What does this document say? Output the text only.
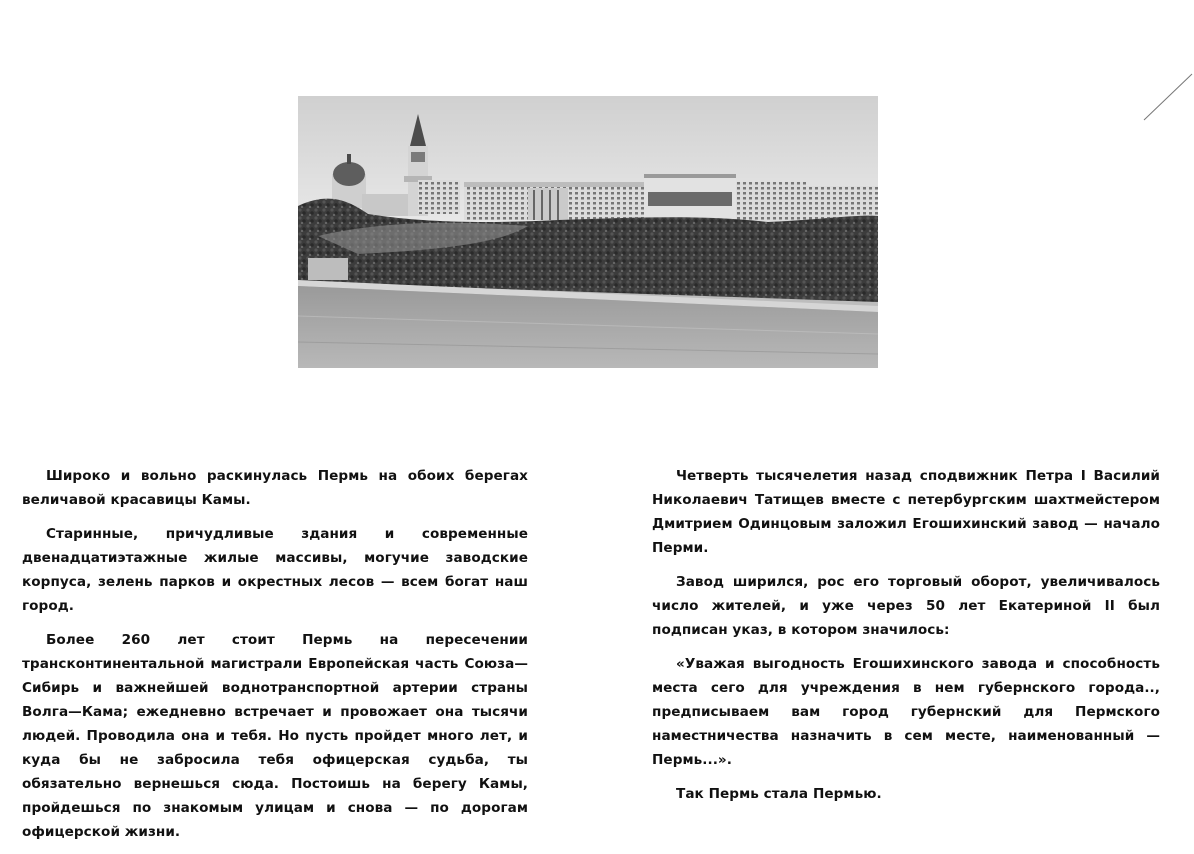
Широко и вольно раскинулась Пермь на обоих берегах величавой красавицы Камы.

Старинные, причудливые здания и современные двенадцатиэтажные жилые массивы, могучие заводские корпуса, зелень парков и окрестных лесов — всем богат наш город.

Более 260 лет стоит Пермь на пересечении трансконтинентальной магистрали Европейская часть Союза—Сибирь и важнейшей воднотранспортной артерии страны Волга—Кама; ежедневно встречает и провожает она тысячи людей. Проводила она и тебя. Но пусть пройдет много лет, и куда бы не забросила тебя офицерская судьба, ты обязательно вернешься сюда. Постоишь на берегу Камы, пройдешься по знакомым улицам и снова — по дорогам офицерской жизни.

Четверть тысячелетия назад сподвижник Петра I Василий Николаевич Татищев вместе с петербургским шахтмейстером Дмитрием Одинцовым заложил Егошихинский завод — начало Перми.

Завод ширился, рос его торговый оборот, увеличивалось число жителей, и уже через 50 лет Екатериной II был подписан указ, в котором значилось:

«Уважая выгодность Егошихинского завода и способность места сего для учреждения в нем губернского города.., предписываем вам город губернский для Пермского наместничества назначить в сем месте, наименованный — Пермь...».

Так Пермь стала Пермью.
